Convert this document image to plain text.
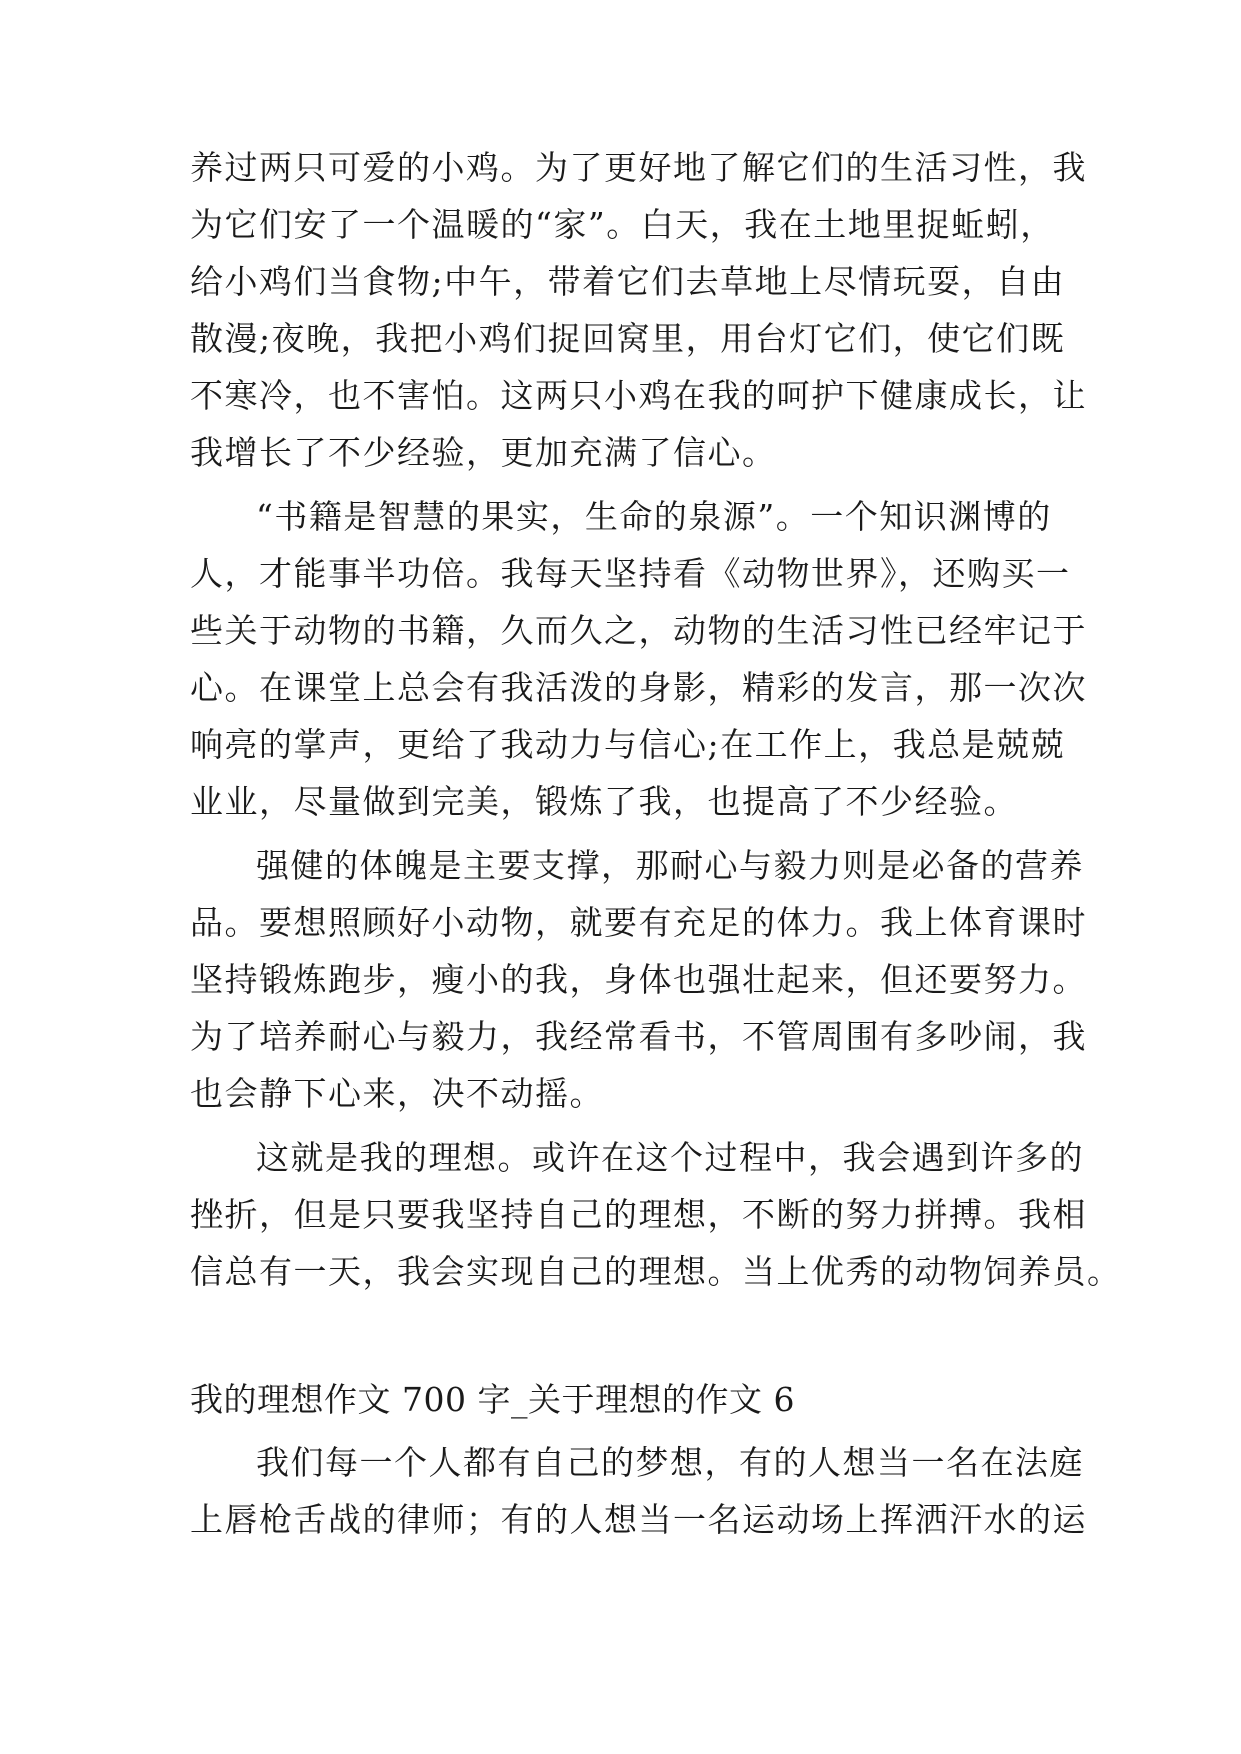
养过两只可爱的小鸡。为了更好地了解它们的生活习性，我
为它们安了一个温暖的“家”。白天，我在土地里捉蚯蚓，
给小鸡们当食物;中午，带着它们去草地上尽情玩耍，自由
散漫;夜晚，我把小鸡们捉回窝里，用台灯它们，使它们既
不寒冷，也不害怕。这两只小鸡在我的呵护下健康成长，让
我增长了不少经验，更加充满了信心。
“书籍是智慧的果实，生命的泉源”。一个知识渊博的
人，才能事半功倍。我每天坚持看《动物世界》，还购买一
些关于动物的书籍，久而久之，动物的生活习性已经牢记于
心。在课堂上总会有我活泼的身影，精彩的发言，那一次次
响亮的掌声，更给了我动力与信心;在工作上，我总是兢兢
业业，尽量做到完美，锻炼了我，也提高了不少经验。
强健的体魄是主要支撑，那耐心与毅力则是必备的营养
品。要想照顾好小动物，就要有充足的体力。我上体育课时
坚持锻炼跑步，瘦小的我，身体也强壮起来，但还要努力。
为了培养耐心与毅力，我经常看书，不管周围有多吵闹，我
也会静下心来，决不动摇。
这就是我的理想。或许在这个过程中，我会遇到许多的
挫折，但是只要我坚持自己的理想，不断的努力拼搏。我相
信总有一天，我会实现自己的理想。当上优秀的动物饲养员。
我的理想作文 700 字_关于理想的作文 6
我们每一个人都有自己的梦想，有的人想当一名在法庭
上唇枪舌战的律师；有的人想当一名运动场上挥洒汗水的运
